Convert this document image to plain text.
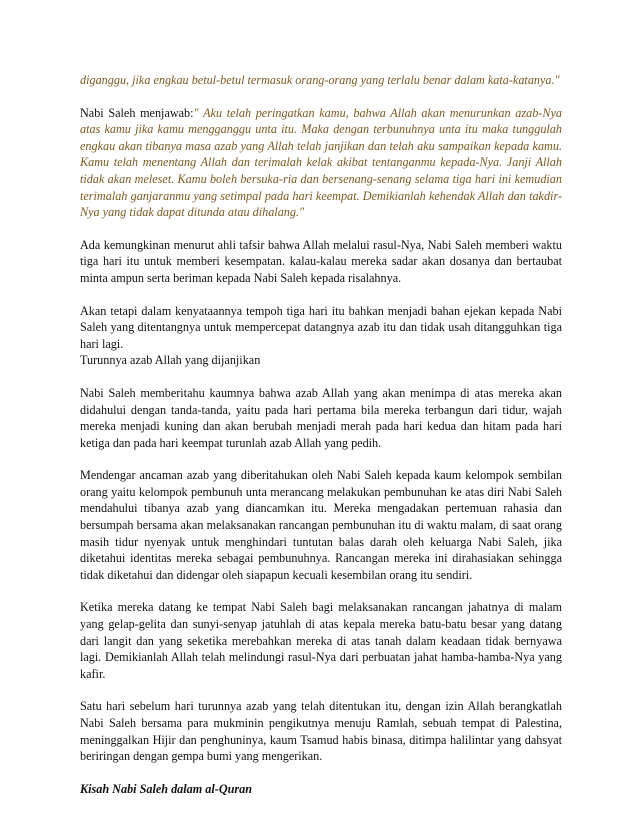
diganggu, jika engkau betul-betul termasuk orang-orang yang terlalu benar dalam kata-katanya."

Nabi Saleh menjawab:" Aku telah peringatkan kamu, bahwa Allah akan menurunkan azab-Nya atas kamu jika kamu mengganggu unta itu. Maka dengan terbunuhnya unta itu maka tunggulah engkau akan tibanya masa azab yang Allah telah janjikan dan telah aku sampaikan kepada kamu. Kamu telah menentang Allah dan terimalah kelak akibat tentanganmu kepada-Nya. Janji Allah tidak akan meleset. Kamu boleh bersuka-ria dan bersenang-senang selama tiga hari ini kemudian terimalah ganjaranmu yang setimpal pada hari keempat. Demikianlah kehendak Allah dan takdir-Nya yang tidak dapat ditunda atau dihalang."

Ada kemungkinan menurut ahli tafsir bahwa Allah melalui rasul-Nya, Nabi Saleh memberi waktu tiga hari itu untuk memberi kesempatan. kalau-kalau mereka sadar akan dosanya dan bertaubat minta ampun serta beriman kepada Nabi Saleh kepada risalahnya.

Akan tetapi dalam kenyataannya tempoh tiga hari itu bahkan menjadi bahan ejekan kepada Nabi Saleh yang ditentangnya untuk mempercepat datangnya azab itu dan tidak usah ditangguhkan tiga hari lagi.
Turunnya azab Allah yang dijanjikan

Nabi Saleh memberitahu kaumnya bahwa azab Allah yang akan menimpa di atas mereka akan didahului dengan tanda-tanda, yaitu pada hari pertama bila mereka terbangun dari tidur, wajah mereka menjadi kuning dan akan berubah menjadi merah pada hari kedua dan hitam pada hari ketiga dan pada hari keempat turunlah azab Allah yang pedih.

Mendengar ancaman azab yang diberitahukan oleh Nabi Saleh kepada kaum kelompok sembilan orang yaitu kelompok pembunuh unta merancang melakukan pembunuhan ke atas diri Nabi Saleh mendahului tibanya azab yang diancamkan itu. Mereka mengadakan pertemuan rahasia dan bersumpah bersama akan melaksanakan rancangan pembunuhan itu di waktu malam, di saat orang masih tidur nyenyak untuk menghindari tuntutan balas darah oleh keluarga Nabi Saleh, jika diketahui identitas mereka sebagai pembunuhnya. Rancangan mereka ini dirahasiakan sehingga tidak diketahui dan didengar oleh siapapun kecuali kesembilan orang itu sendiri.

Ketika mereka datang ke tempat Nabi Saleh bagi melaksanakan rancangan jahatnya di malam yang gelap-gelita dan sunyi-senyap jatuhlah di atas kepala mereka batu-batu besar yang datang dari langit dan yang seketika merebahkan mereka di atas tanah dalam keadaan tidak bernyawa lagi. Demikianlah Allah telah melindungi rasul-Nya dari perbuatan jahat hamba-hamba-Nya yang kafir.

Satu hari sebelum hari turunnya azab yang telah ditentukan itu, dengan izin Allah berangkatlah Nabi Saleh bersama para mukminin pengikutnya menuju Ramlah, sebuah tempat di Palestina, meninggalkan Hijir dan penghuninya, kaum Tsamud habis binasa, ditimpa halilintar yang dahsyat beriringan dengan gempa bumi yang mengerikan.

Kisah Nabi Saleh dalam al-Quran
